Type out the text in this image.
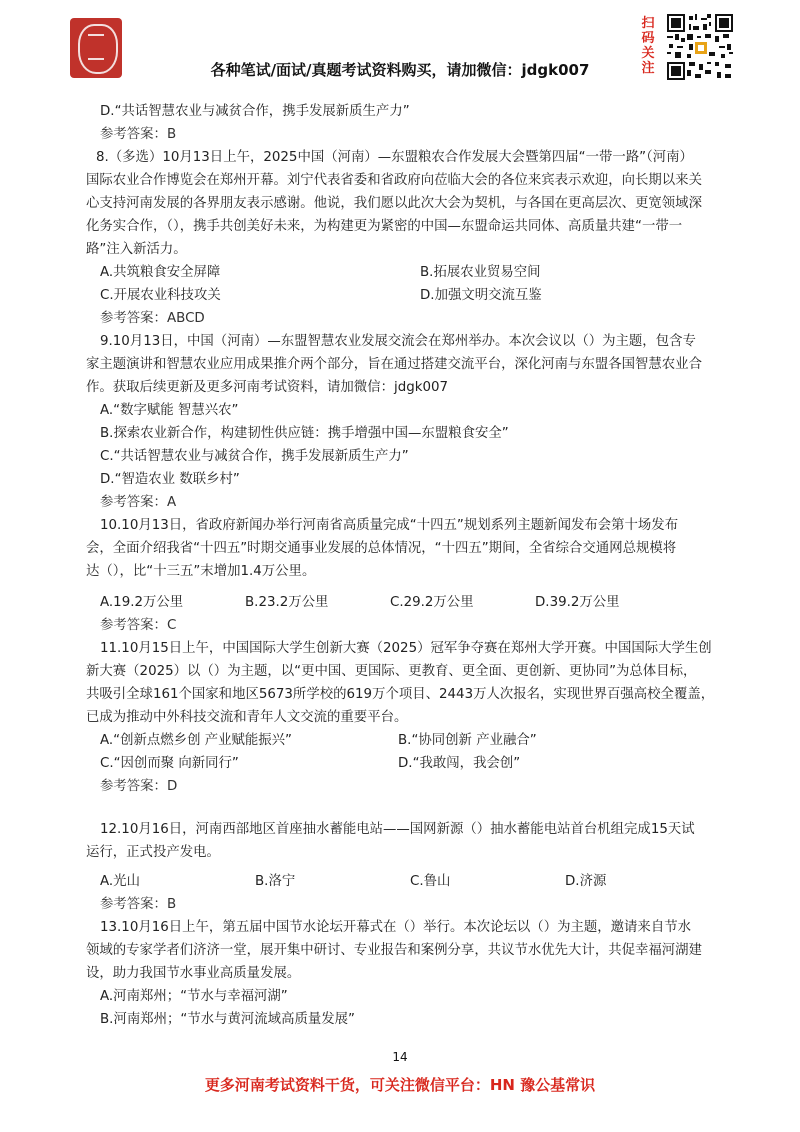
扫
码
关
注
各种笔试/面试/真题考试资料购买，请加微信：jdgk007

D.“共话智慧农业与减贫合作，携手发展新质生产力”

参考答案：B

8.（多选）10月13日上午，2025中国（河南）—东盟粮农合作发展大会暨第四届“一带一路”（河南）

国际农业合作博览会在郑州开幕。刘宁代表省委和省政府向莅临大会的各位来宾表示欢迎，向长期以来关

心支持河南发展的各界朋友表示感谢。他说，我们愿以此次大会为契机，与各国在更高层次、更宽领域深

化务实合作，（），携手共创美好未来，为构建更为紧密的中国—东盟命运共同体、高质量共建“一带一

路”注入新活力。

A.共筑粮食安全屏障	B.拓展农业贸易空间
C.开展农业科技攻关	D.加强文明交流互鉴

参考答案：ABCD

9.10月13日，中国（河南）—东盟智慧农业发展交流会在郑州举办。本次会议以（）为主题，包含专

家主题演讲和智慧农业应用成果推介两个部分，旨在通过搭建交流平台，深化河南与东盟各国智慧农业合

作。获取后续更新及更多河南考试资料，请加微信：jdgk007

A.“数字赋能 智慧兴农”

B.探索农业新合作，构建韧性供应链：携手增强中国—东盟粮食安全”

C.“共话智慧农业与减贫合作，携手发展新质生产力”

D.“智造农业 数联乡村”

参考答案：A

10.10月13日，省政府新闻办举行河南省高质量完成“十四五”规划系列主题新闻发布会第十场发布

会，全面介绍我省“十四五”时期交通事业发展的总体情况，“十四五”期间，全省综合交通网总规模将

达（），比“十三五”末增加1.4万公里。

A.19.2万公里	B.23.2万公里	C.29.2万公里	D.39.2万公里

参考答案：C

11.10月15日上午，中国国际大学生创新大赛（2025）冠军争夺赛在郑州大学开赛。中国国际大学生创

新大赛（2025）以（）为主题，以“更中国、更国际、更教育、更全面、更创新、更协同”为总体目标，

共吸引全球161个国家和地区5673所学校的619万个项目、2443万人次报名，实现世界百强高校全覆盖，

已成为推动中外科技交流和青年人文交流的重要平台。

A.“创新点燃乡创 产业赋能振兴”	B.“协同创新 产业融合”
C.“因创而聚 向新同行”	D.“我敢闯，我会创”

参考答案：D

12.10月16日，河南西部地区首座抽水蓄能电站——国网新源（）抽水蓄能电站首台机组完成15天试

运行，正式投产发电。

A.光山	B.洛宁	C.鲁山	D.济源

参考答案：B

13.10月16日上午，第五届中国节水论坛开幕式在（）举行。本次论坛以（）为主题，邀请来自节水

领域的专家学者们济济一堂，展开集中研讨、专业报告和案例分享，共议节水优先大计，共促幸福河湖建

设，助力我国节水事业高质量发展。

A.河南郑州；“节水与幸福河湖”

B.河南郑州；“节水与黄河流域高质量发展”

14
更多河南考试资料干货，可关注微信平台：HN 豫公基常识
